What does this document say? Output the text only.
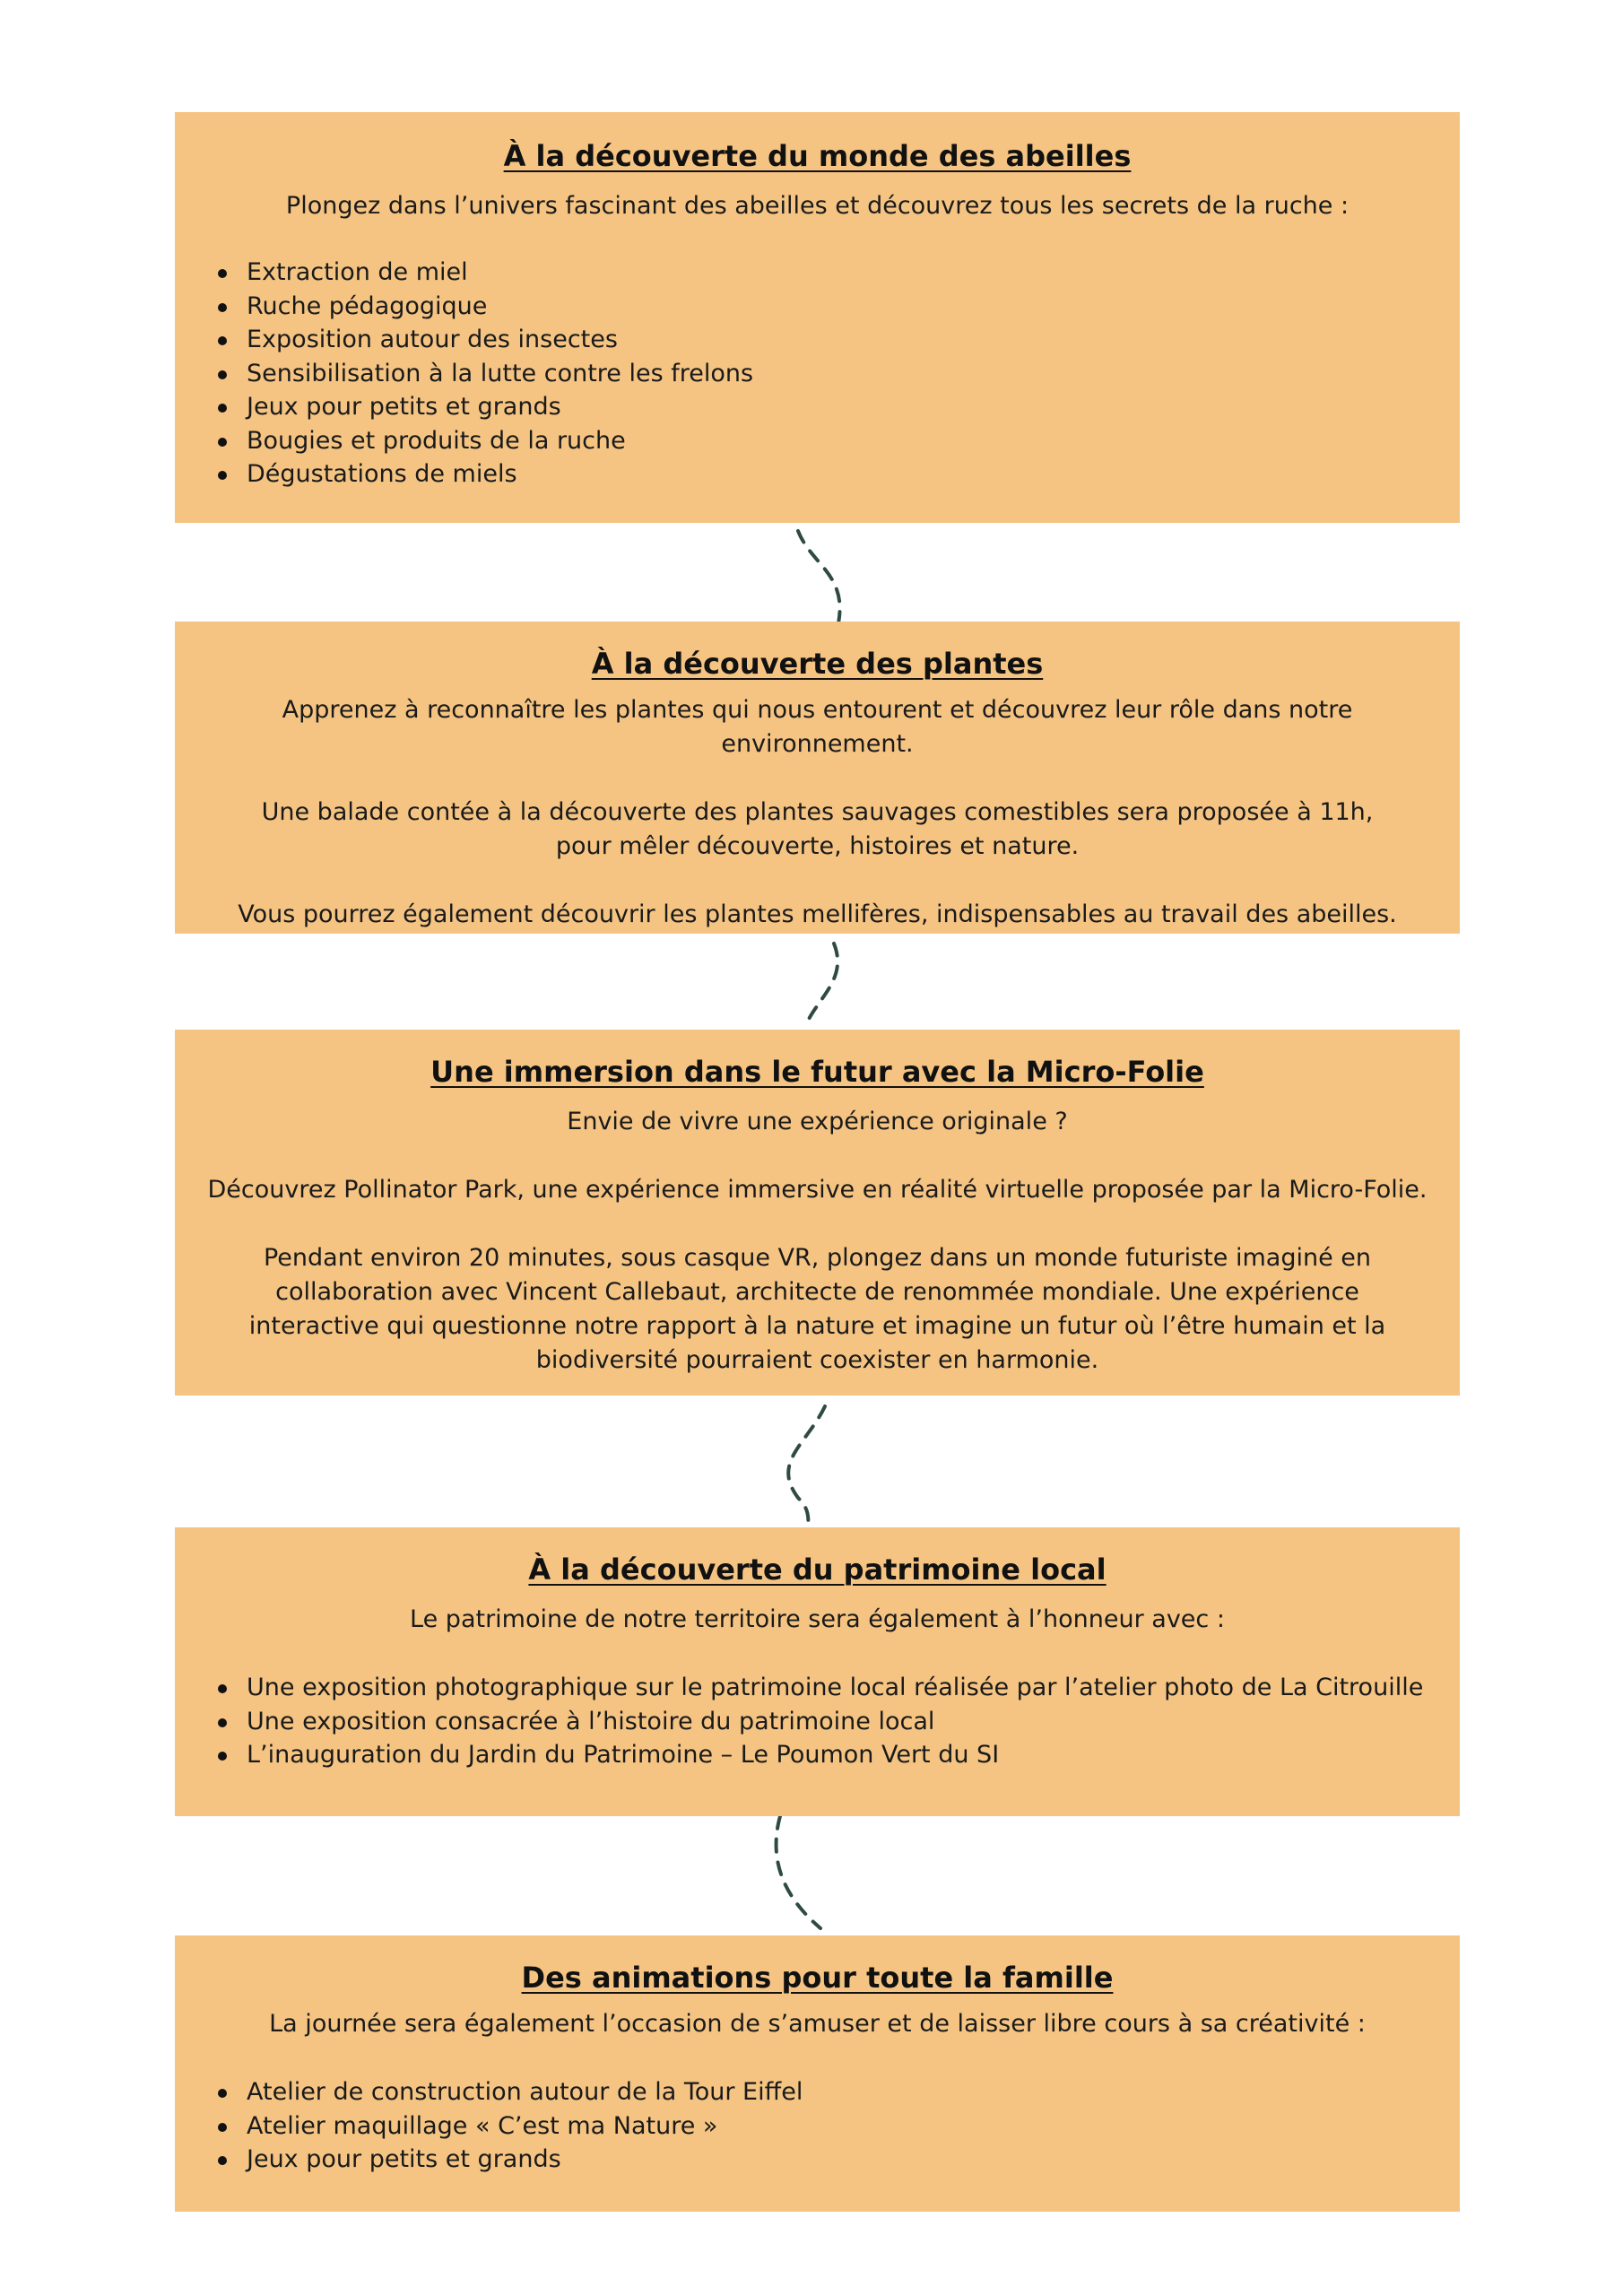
À la découverte du monde des abeilles

Plongez dans l’univers fascinant des abeilles et découvrez tous les secrets de la ruche :

Extraction de miel
Ruche pédagogique
Exposition autour des insectes
Sensibilisation à la lutte contre les frelons
Jeux pour petits et grands
Bougies et produits de la ruche
Dégustations de miels
À la découverte des plantes

Apprenez à reconnaître les plantes qui nous entourent et découvrez leur rôle dans notre environnement.

Une balade contée à la découverte des plantes sauvages comestibles sera proposée à 11h, pour mêler découverte, histoires et nature.

Vous pourrez également découvrir les plantes mellifères, indispensables au travail des abeilles.

Une immersion dans le futur avec la Micro-Folie

Envie de vivre une expérience originale ?

Découvrez Pollinator Park, une expérience immersive en réalité virtuelle proposée par la Micro-Folie.

Pendant environ 20 minutes, sous casque VR, plongez dans un monde futuriste imaginé en collaboration avec Vincent Callebaut, architecte de renommée mondiale. Une expérience interactive qui questionne notre rapport à la nature et imagine un futur où l’être humain et la biodiversité pourraient coexister en harmonie.

À la découverte du patrimoine local

Le patrimoine de notre territoire sera également à l’honneur avec :

Une exposition photographique sur le patrimoine local réalisée par l’atelier photo de La Citrouille
Une exposition consacrée à l’histoire du patrimoine local
L’inauguration du Jardin du Patrimoine – Le Poumon Vert du SI
Des animations pour toute la famille

La journée sera également l’occasion de s’amuser et de laisser libre cours à sa créativité :

Atelier de construction autour de la Tour Eiffel
Atelier maquillage « C’est ma Nature »
Jeux pour petits et grands
